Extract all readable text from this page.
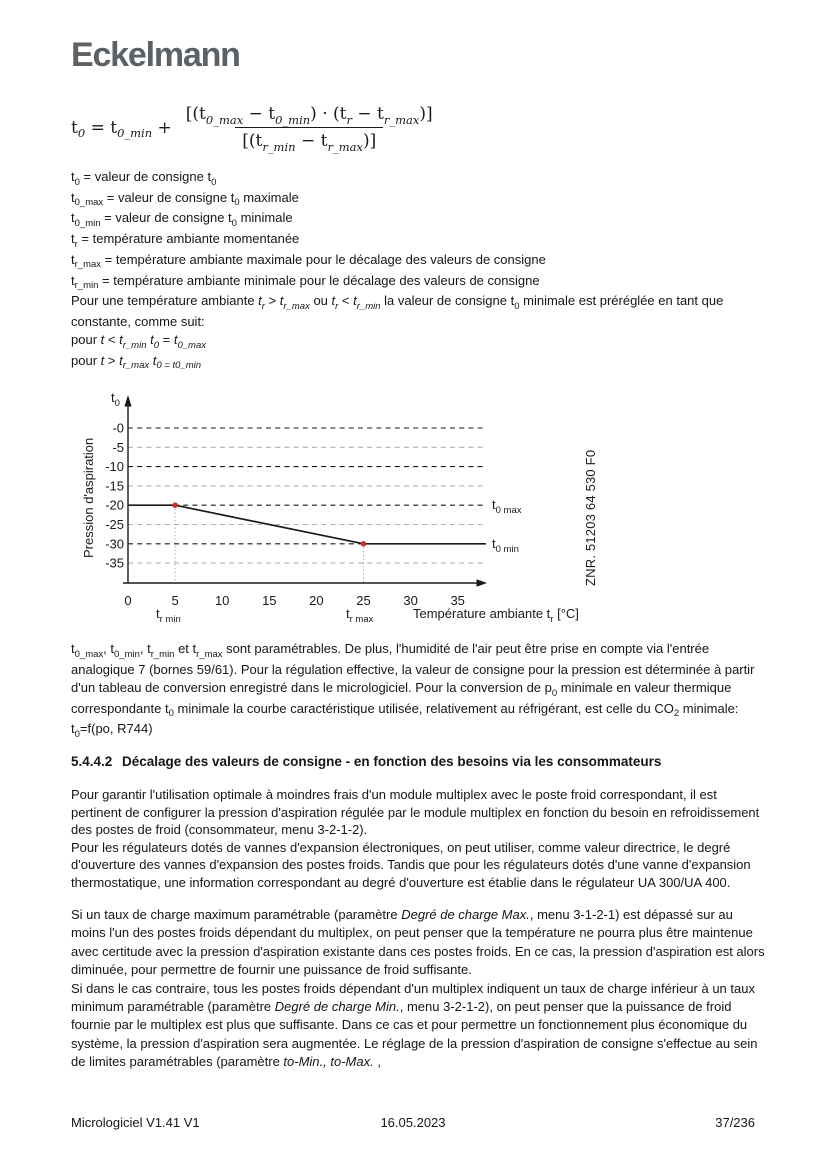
Eckelmann
$t_0 = t_{0\_min} + \frac{[(t_{0\_max} - t_{0\_min}) \cdot (t_r - t_{r\_max})]}{[(t_{r\_min} - t_{r\_max})]}$
$t_0$ = valeur de consigne $t_0$
$t_{0\_max}$ = valeur de consigne $t_0$ maximale
$t_{0\_min}$ = valeur de consigne $t_0$ minimale
$t_r$ = température ambiante momentanée
$t_{r\_max}$ = température ambiante maximale pour le décalage des valeurs de consigne
$t_{r\_min}$ = température ambiante minimale pour le décalage des valeurs de consigne
Pour une température ambiante $t_r > t_{r\_max}$ ou $t_r < t_{r\_min}$ la valeur de consigne $t_0$ minimale est préréglée en tant que constante, comme suit:
pour $t < t_{r\_min}$ $t_0 = t_{0\_max}$
pour $t > t_{r\_max}$ $t_{0 = t0\_min}$
0	5	10	15	20	25	30	35
-0
-5
-10
-15
-20
-25
-30
-35
$t_0$
Pression d'aspiration	$t_{0 max}$
$t_{0 min}$
$t_{r min}$	$t_{r max}$	Température ambiante $t_r$ [°C]
ZNR. 51203 64 530 F0
$t_{0\_max}$, $t_{0\_min}$, $t_{r\_min}$ et $t_{r\_max}$ sont paramétrables. De plus, l'humidité de l'air peut être prise en compte via l'entrée analogique 7 (bornes 59/61). Pour la régulation effective, la valeur de consigne pour la pression est déterminée à partir d'un tableau de conversion enregistré dans le micrologiciel. Pour la conversion de $p_0$ minimale en valeur thermique correspondante $t_0$ minimale la courbe caractéristique utilisée, relativement au réfrigérant, est celle du $CO_2$ minimale: $t_0=f(po$, R744)
5.4.4.2 Décalage des valeurs de consigne - en fonction des besoins via les consommateurs
Pour garantir l'utilisation optimale à moindres frais d'un module multiplex avec le poste froid correspondant, il est pertinent de configurer la pression d'aspiration régulée par le module multiplex en fonction du besoin en refroidissement des postes de froid (consommateur, menu 3-2-1-2).
Pour les régulateurs dotés de vannes d'expansion électroniques, on peut utiliser, comme valeur directrice, le degré d'ouverture des vannes d'expansion des postes froids. Tandis que pour les régulateurs dotés d'une vanne d'expansion thermostatique, une information correspondant au degré d'ouverture est établie dans le régulateur UA 300/UA 400.
Si un taux de charge maximum paramétrable (paramètre Degré de charge Max., menu 3-1-2-1) est dépassé sur au moins l'un des postes froids dépendant du multiplex, on peut penser que la température ne pourra plus être maintenue avec certitude avec la pression d'aspiration existante dans ces postes froids. En ce cas, la pression d'aspiration est alors diminuée, pour permettre de fournir une puissance de froid suffisante.
Si dans le cas contraire, tous les postes froids dépendant d'un multiplex indiquent un taux de charge inférieur à un taux minimum paramétrable (paramètre Degré de charge Min., menu 3-2-1-2), on peut penser que la puissance de froid fournie par le multiplex est plus que suffisante. Dans ce cas et pour permettre un fonctionnement plus économique du système, la pression d'aspiration sera augmentée. Le réglage de la pression d'aspiration de consigne s'effectue au sein de limites paramétrables (paramètre to-Min., to-Max. ,
Micrologiciel V1.41 V1	16.05.2023	37/236
